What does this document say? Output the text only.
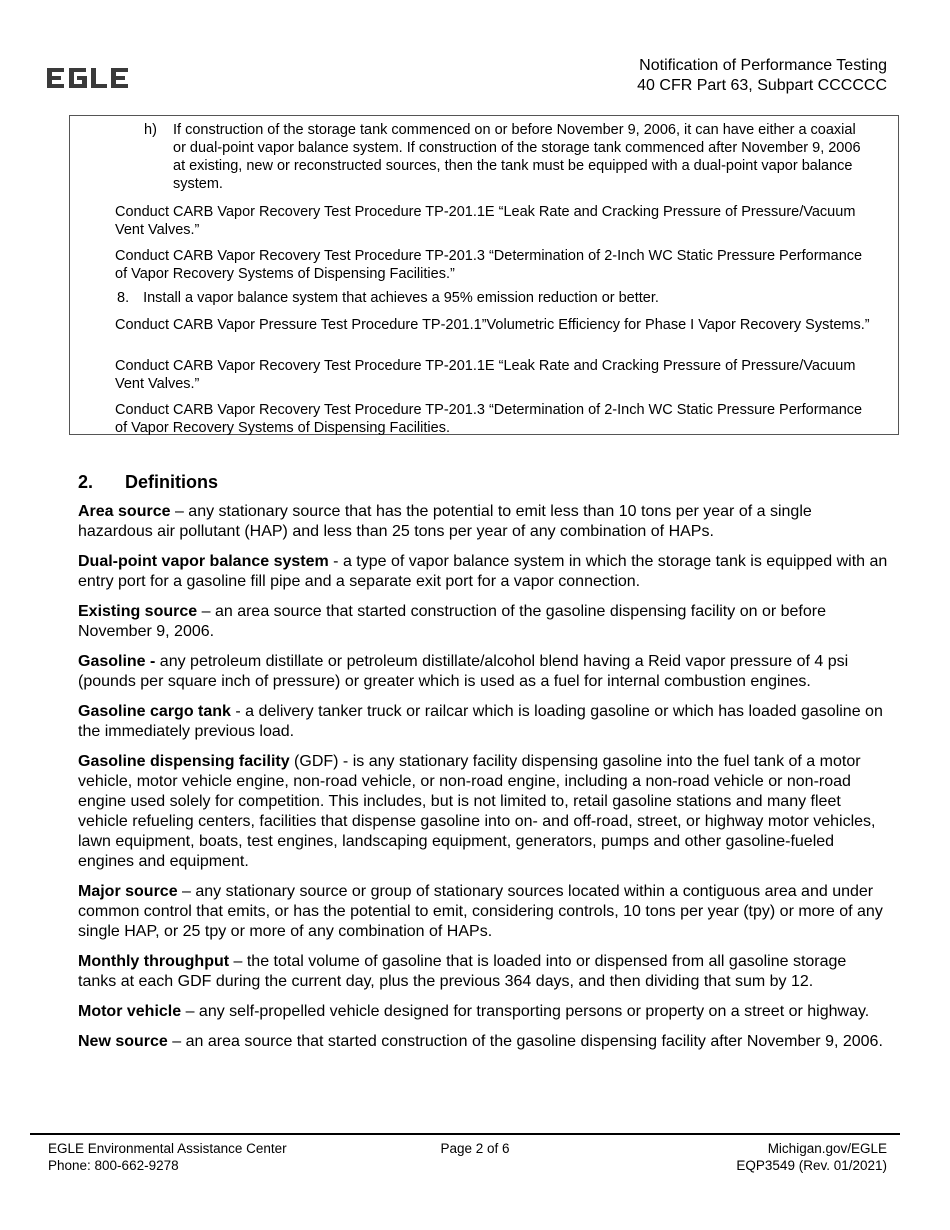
EGLE
Notification of Performance Testing
40 CFR Part 63, Subpart CCCCCC

h) If construction of the storage tank commenced on or before November 9, 2006, it can have either a coaxial or dual-point vapor balance system. If construction of the storage tank commenced after November 9, 2006 at existing, new or reconstructed sources, then the tank must be equipped with a dual-point vapor balance system.

Conduct CARB Vapor Recovery Test Procedure TP-201.1E “Leak Rate and Cracking Pressure of Pressure/Vacuum Vent Valves.”

Conduct CARB Vapor Recovery Test Procedure TP-201.3 “Determination of 2-Inch WC Static Pressure Performance of Vapor Recovery Systems of Dispensing Facilities.”

8. Install a vapor balance system that achieves a 95% emission reduction or better.

Conduct CARB Vapor Pressure Test Procedure TP-201.1”Volumetric Efficiency for Phase I Vapor Recovery Systems.”

Conduct CARB Vapor Recovery Test Procedure TP-201.1E “Leak Rate and Cracking Pressure of Pressure/Vacuum Vent Valves.”

Conduct CARB Vapor Recovery Test Procedure TP-201.3 “Determination of 2-Inch WC Static Pressure Performance of Vapor Recovery Systems of Dispensing Facilities.

2. Definitions

Area source – any stationary source that has the potential to emit less than 10 tons per year of a single hazardous air pollutant (HAP) and less than 25 tons per year of any combination of HAPs.

Dual-point vapor balance system - a type of vapor balance system in which the storage tank is equipped with an entry port for a gasoline fill pipe and a separate exit port for a vapor connection.

Existing source – an area source that started construction of the gasoline dispensing facility on or before November 9, 2006.

Gasoline - any petroleum distillate or petroleum distillate/alcohol blend having a Reid vapor pressure of 4 psi (pounds per square inch of pressure) or greater which is used as a fuel for internal combustion engines.

Gasoline cargo tank - a delivery tanker truck or railcar which is loading gasoline or which has loaded gasoline on the immediately previous load.

Gasoline dispensing facility (GDF) - is any stationary facility dispensing gasoline into the fuel tank of a motor vehicle, motor vehicle engine, non-road vehicle, or non-road engine, including a non-road vehicle or non-road engine used solely for competition. This includes, but is not limited to, retail gasoline stations and many fleet vehicle refueling centers, facilities that dispense gasoline into on- and off-road, street, or highway motor vehicles, lawn equipment, boats, test engines, landscaping equipment, generators, pumps and other gasoline-fueled engines and equipment.

Major source – any stationary source or group of stationary sources located within a contiguous area and under common control that emits, or has the potential to emit, considering controls, 10 tons per year (tpy) or more of any single HAP, or 25 tpy or more of any combination of HAPs.

Monthly throughput – the total volume of gasoline that is loaded into or dispensed from all gasoline storage tanks at each GDF during the current day, plus the previous 364 days, and then dividing that sum by 12.

Motor vehicle – any self-propelled vehicle designed for transporting persons or property on a street or highway.

New source – an area source that started construction of the gasoline dispensing facility after November 9, 2006.

EGLE Environmental Assistance Center
Phone: 800-662-9278
Page 2 of 6	Michigan.gov/EGLE
EQP3549 (Rev. 01/2021)
